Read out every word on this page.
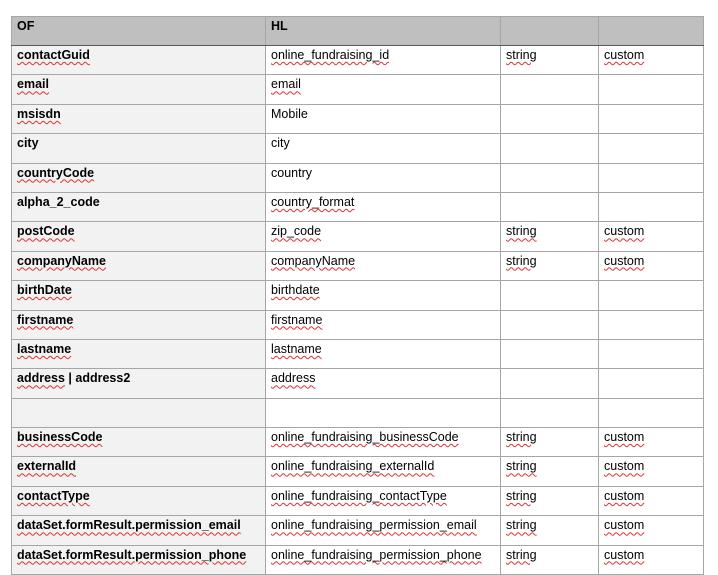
OF	HL		
contactGuid	online_fundraising_id	string	custom
email	email		
msisdn	Mobile		
city	city		
countryCode	country		
alpha_2_code	country_format		
postCode	zip_code	string	custom
companyName	companyName	string	custom
birthDate	birthdate		
firstname	firstname		
lastname	lastname		
address | address2	address		

businessCode	online_fundraising_businessCode	string	custom
externalId	online_fundraising_externalId	string	custom
contactType	online_fundraising_contactType	string	custom
dataSet.formResult.permission_email	online_fundraising_permission_email	string	custom
dataSet.formResult.permission_phone	online_fundraising_permission_phone	string	custom
